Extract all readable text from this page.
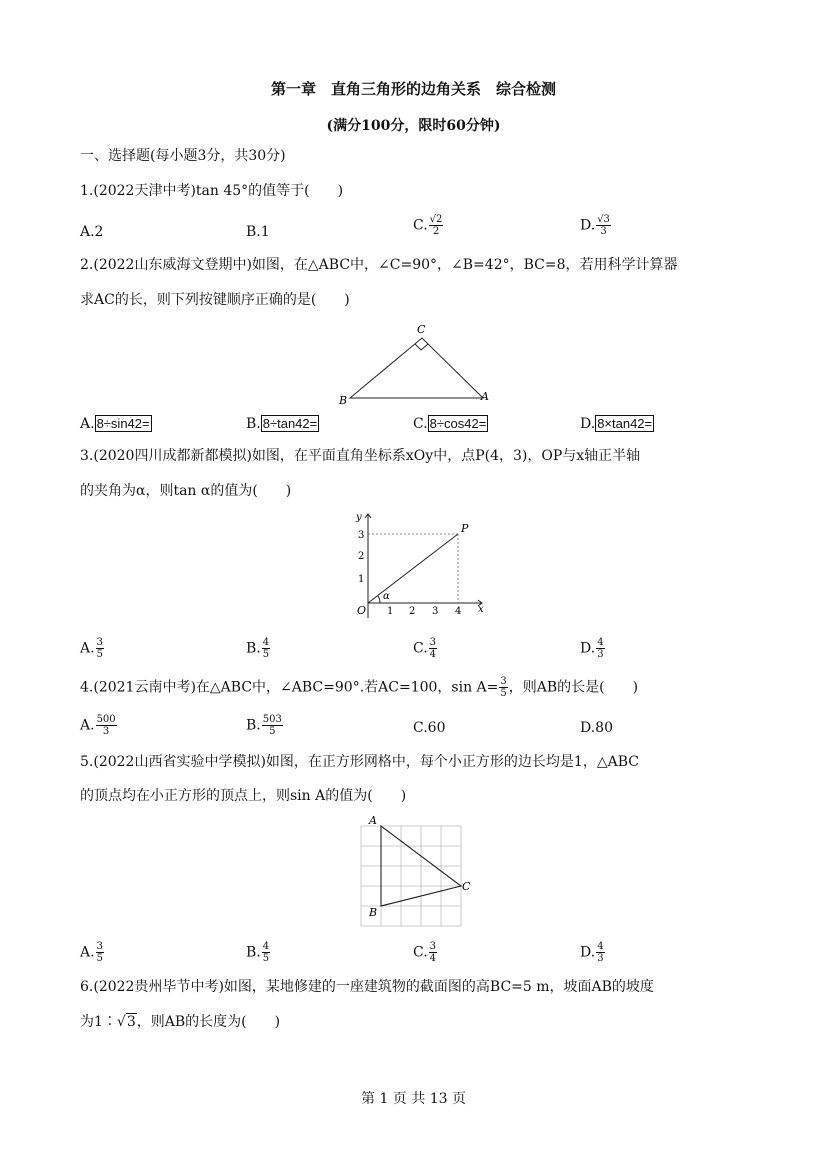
第一章　直角三角形的边角关系　综合检测
(满分100分，限时60分钟)
一、选择题(每小题3分，共30分)
1.(2022天津中考)tan 45°的值等于(　　)
A.2	B.1	C. $\frac{√2}{2}$	D. $\frac{√3}{3}$
2.(2022山东威海文登期中)如图，在△ABC中，∠C=90°，∠B=42°，BC=8，若用科学计算器
求AC的长，则下列按键顺序正确的是(　　)
C
B	A
A. 8÷sin42=	B. 8÷tan42=	C. 8÷cos42=	D. 8×tan42=
3.(2020四川成都新都模拟)如图，在平面直角坐标系xOy中，点P(4，3)，OP与x轴正半轴
的夹角为α，则tan α的值为(　　)
α
y
x
O
P
1
2
3
1 2 3 4
A. $\frac{3}{5}$	B. $\frac{4}{5}$	C. $\frac{3}{4}$	D. $\frac{4}{3}$
4.(2021云南中考)在△ABC中，∠ABC=90°.若AC=100，$\sin A= \frac{3}{5}$ ，则AB的长是(　　)
A. $\frac{500}{3}$	B. $\frac{503}{5}$	C.60	D.80
5.(2022山西省实验中学模拟)如图，在正方形网格中，每个小正方形的边长均是1，△ABC
的顶点均在小正方形的顶点上，则sin A的值为(　　)
A
B
C
A. $\frac{3}{5}$	B. $\frac{4}{5}$	C. $\frac{3}{4}$	D. $\frac{4}{3}$
6.(2022贵州毕节中考)如图，某地修建的一座建筑物的截面图的高BC=5 m，坡面AB的坡度
为1∶√3，则AB的长度为(　　)
第 1 页 共 13 页
